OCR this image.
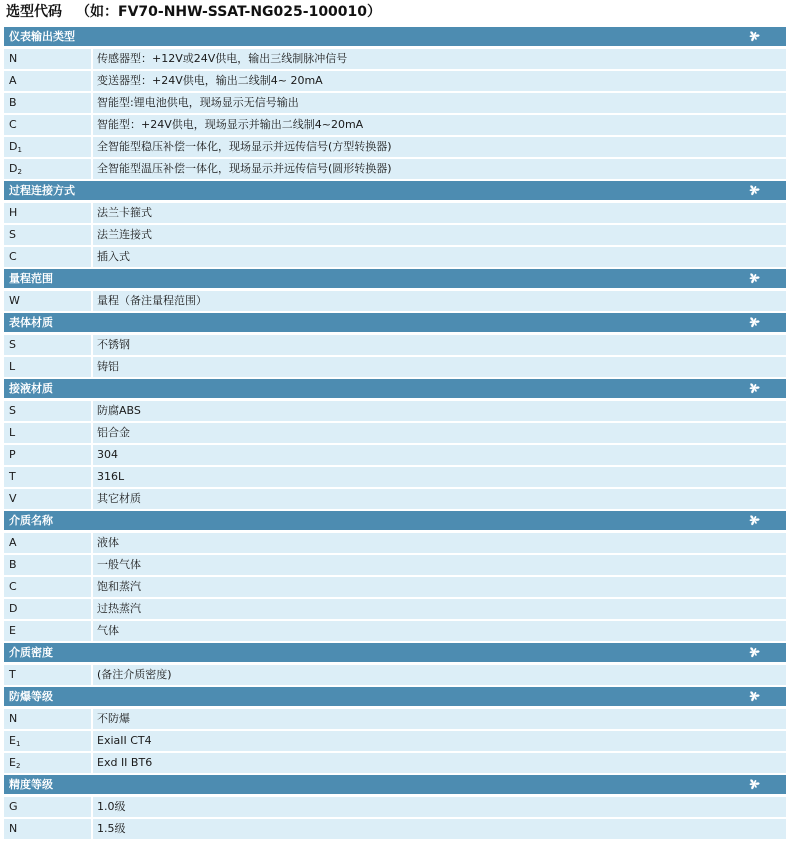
选型代码 （如：FV70-NHW-SSAT-NG025-100010）
仪表输出类型
N	传感器型：+12V或24V供电，输出三线制脉冲信号
A	变送器型：+24V供电，输出二线制4~ 20mA
B	智能型:锂电池供电，现场显示无信号输出
C	智能型：+24V供电，现场显示并输出二线制4~20mA
$D_1$	全智能型稳压补偿一体化，现场显示并远传信号(方型转换器)
$D_2$	全智能型温压补偿一体化，现场显示并远传信号(圆形转换器)
过程连接方式
H	法兰卡箍式
S	法兰连接式
C	插入式
量程范围
W	量程（备注量程范围）
表体材质
S	不锈钢
L	铸铝
接液材质
S	防腐ABS
L	铝合金
P	304
T	316L
V	其它材质
介质名称
A	液体
B	一般气体
C	饱和蒸汽
D	过热蒸汽
E	气体
介质密度
T	(备注介质密度)
防爆等级
N	不防爆
$E_1$	ExiaII CT4
$E_2$	Exd II BT6
精度等级
G	1.0级
N	1.5级
